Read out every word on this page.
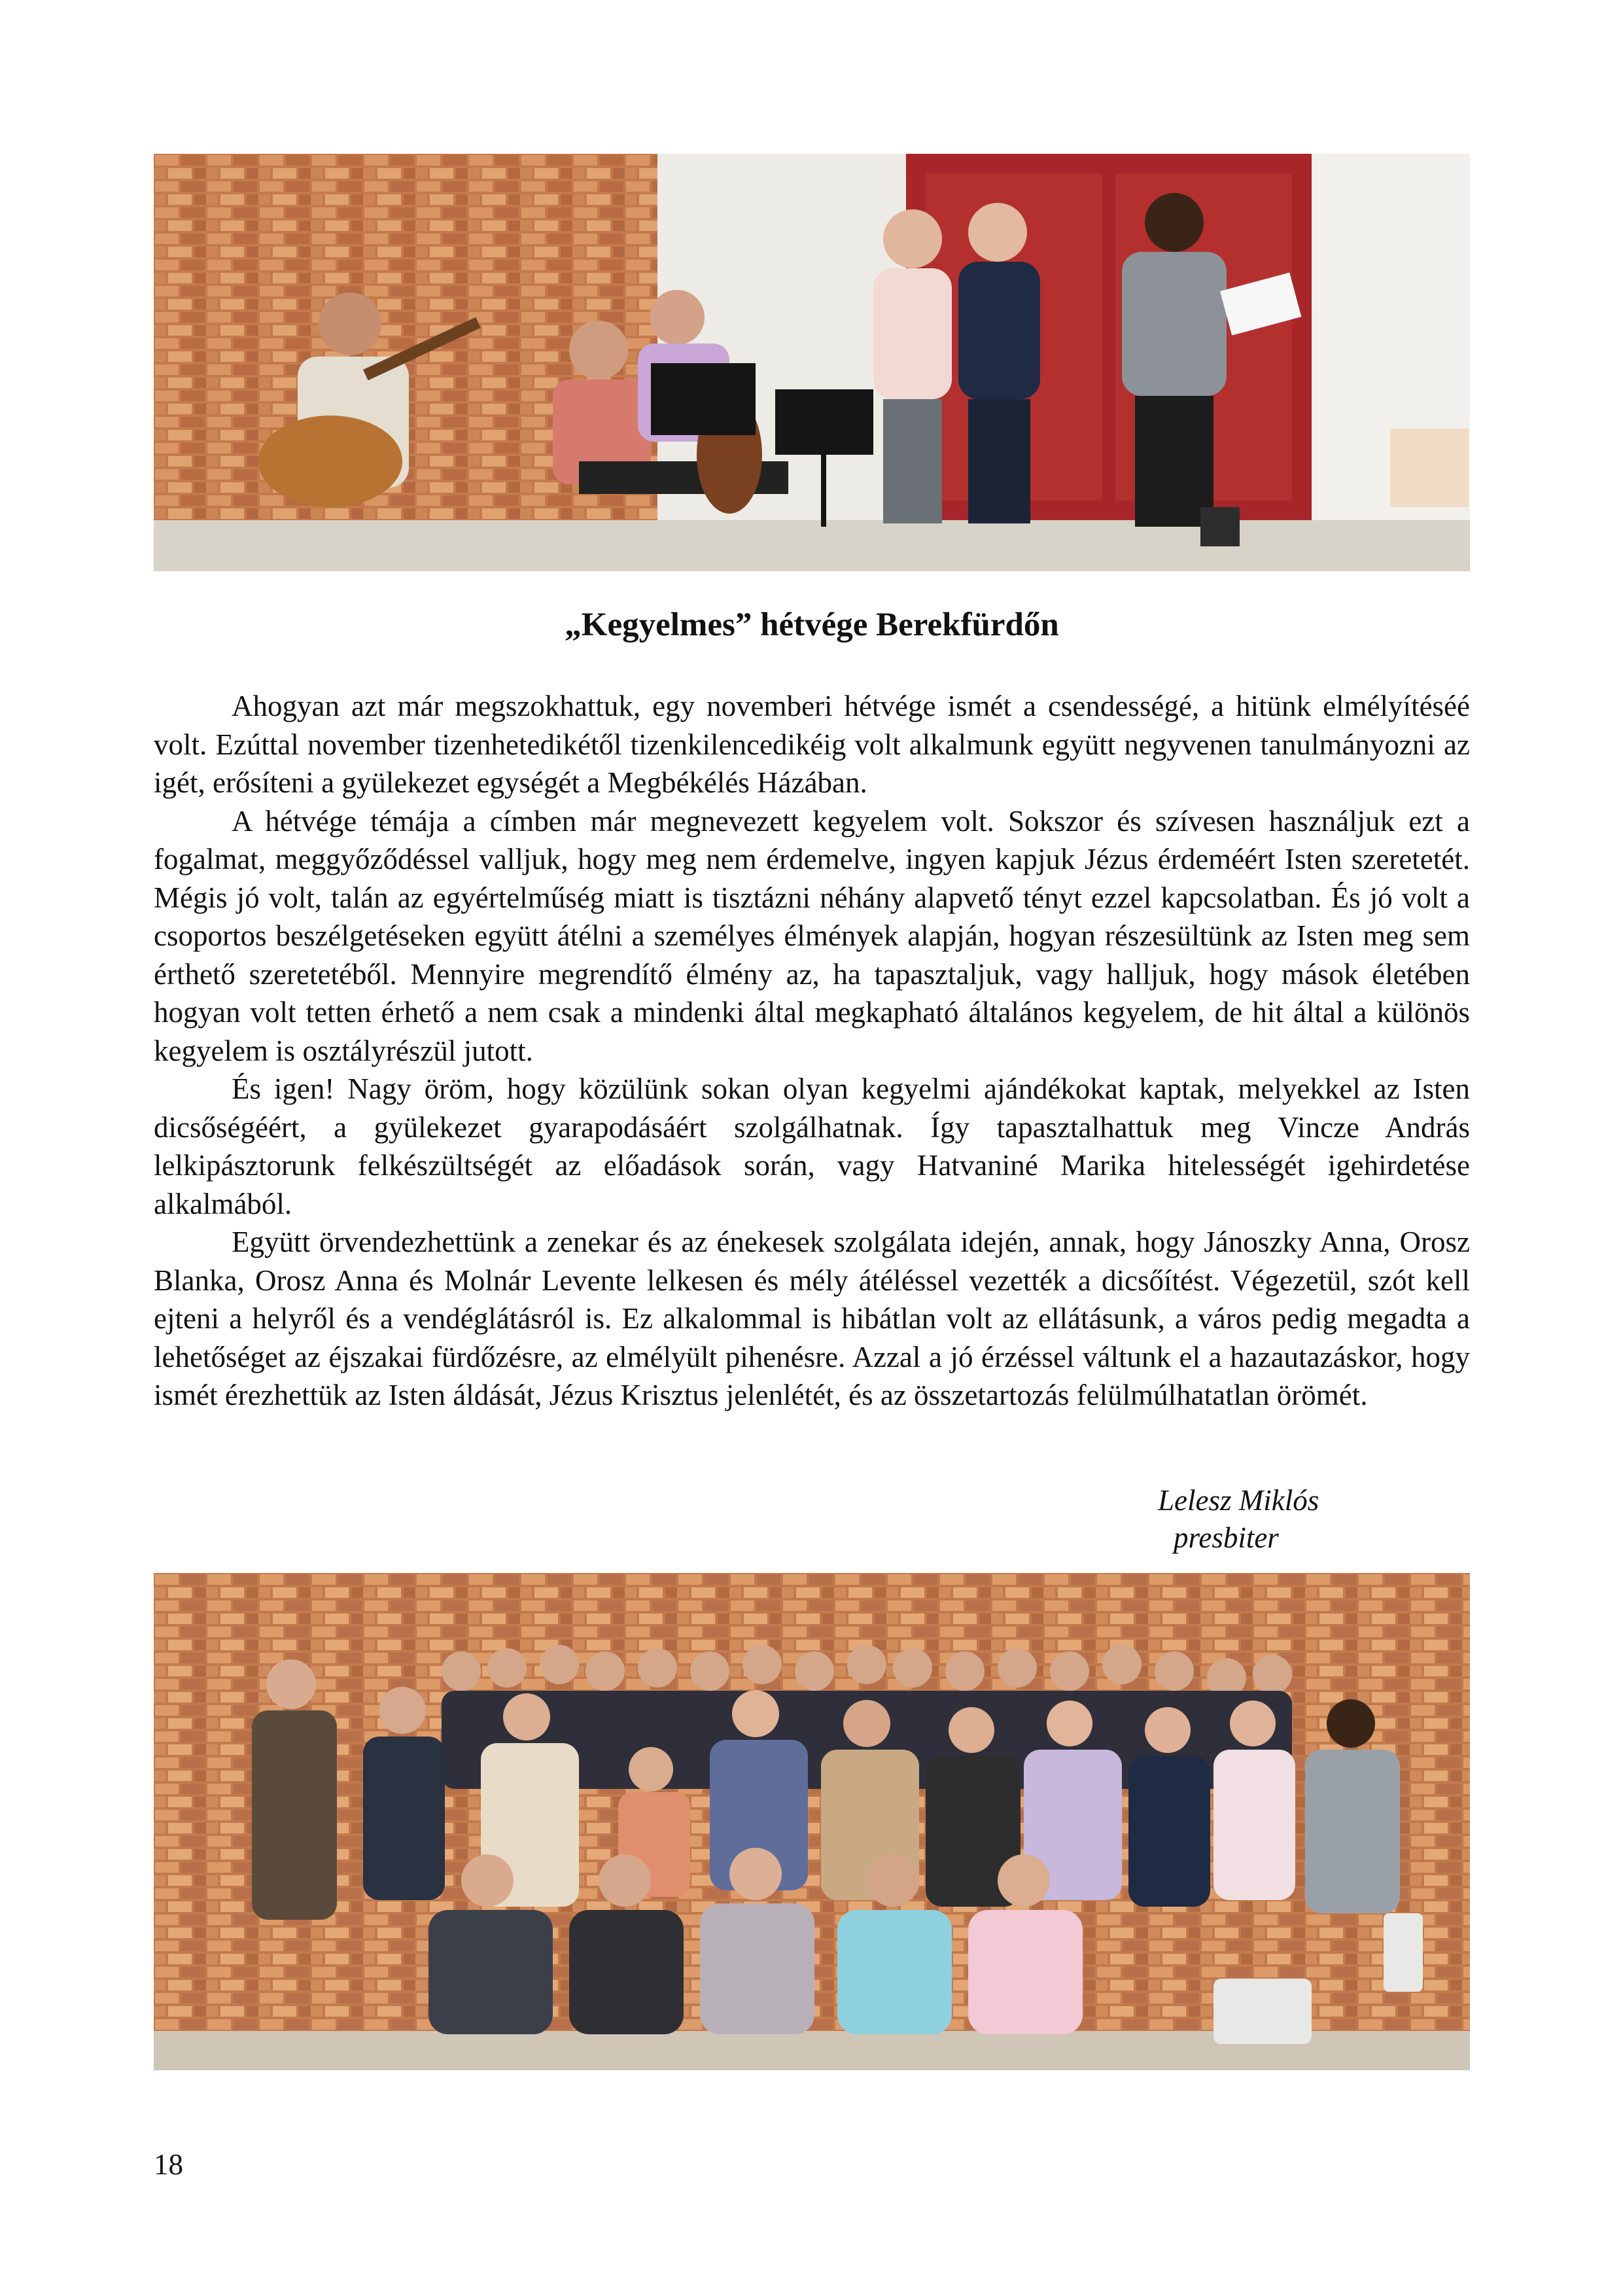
„Kegyelmes” hétvége Berekfürdőn

Ahogyan azt már megszokhattuk, egy novemberi hétvége ismét a csendességé, a hitünk elmélyítéséé volt. Ezúttal november tizenhetedikétől tizenkilencedikéig volt alkalmunk együtt negyvenen tanulmányozni az igét, erősíteni a gyülekezet egységét a Megbékélés Házában.

A hétvége témája a címben már megnevezett kegyelem volt. Sokszor és szívesen használjuk ezt a fogalmat, meggyőződéssel valljuk, hogy meg nem érdemelve, ingyen kapjuk Jézus érdeméért Isten szeretetét. Mégis jó volt, talán az egyértelműség miatt is tisztázni néhány alapvető tényt ezzel kapcsolatban. És jó volt a csoportos beszélgetéseken együtt átélni a személyes élmények alapján, hogyan részesültünk az Isten meg sem érthető szeretetéből. Mennyire megrendítő élmény az, ha tapasztaljuk, vagy halljuk, hogy mások életében hogyan volt tetten érhető a nem csak a mindenki által megkapható általános kegyelem, de hit által a különös kegyelem is osztályrészül jutott.

És igen! Nagy öröm, hogy közülünk sokan olyan kegyelmi ajándékokat kaptak, melyekkel az Isten dicsőségéért, a gyülekezet gyarapodásáért szolgálhatnak. Így tapasztalhattuk meg Vincze András lelkipásztorunk felkészültségét az előadások során, vagy Hatvaniné Marika hitelességét igehirdetése alkalmából.

Együtt örvendezhettünk a zenekar és az énekesek szolgálata idején, annak, hogy Jánoszky Anna, Orosz Blanka, Orosz Anna és Molnár Levente lelkesen és mély átéléssel vezették a dicsőítést. Végezetül, szót kell ejteni a helyről és a vendéglátásról is. Ez alkalommal is hibátlan volt az ellátásunk, a város pedig megadta a lehetőséget az éjszakai fürdőzésre, az elmélyült pihenésre. Azzal a jó érzéssel váltunk el a hazautazáskor, hogy ismét érezhettük az Isten áldását, Jézus Krisztus jelenlétét, és az összetartozás felülmúlhatatlan örömét.

Lelesz Miklós
presbiter
18
